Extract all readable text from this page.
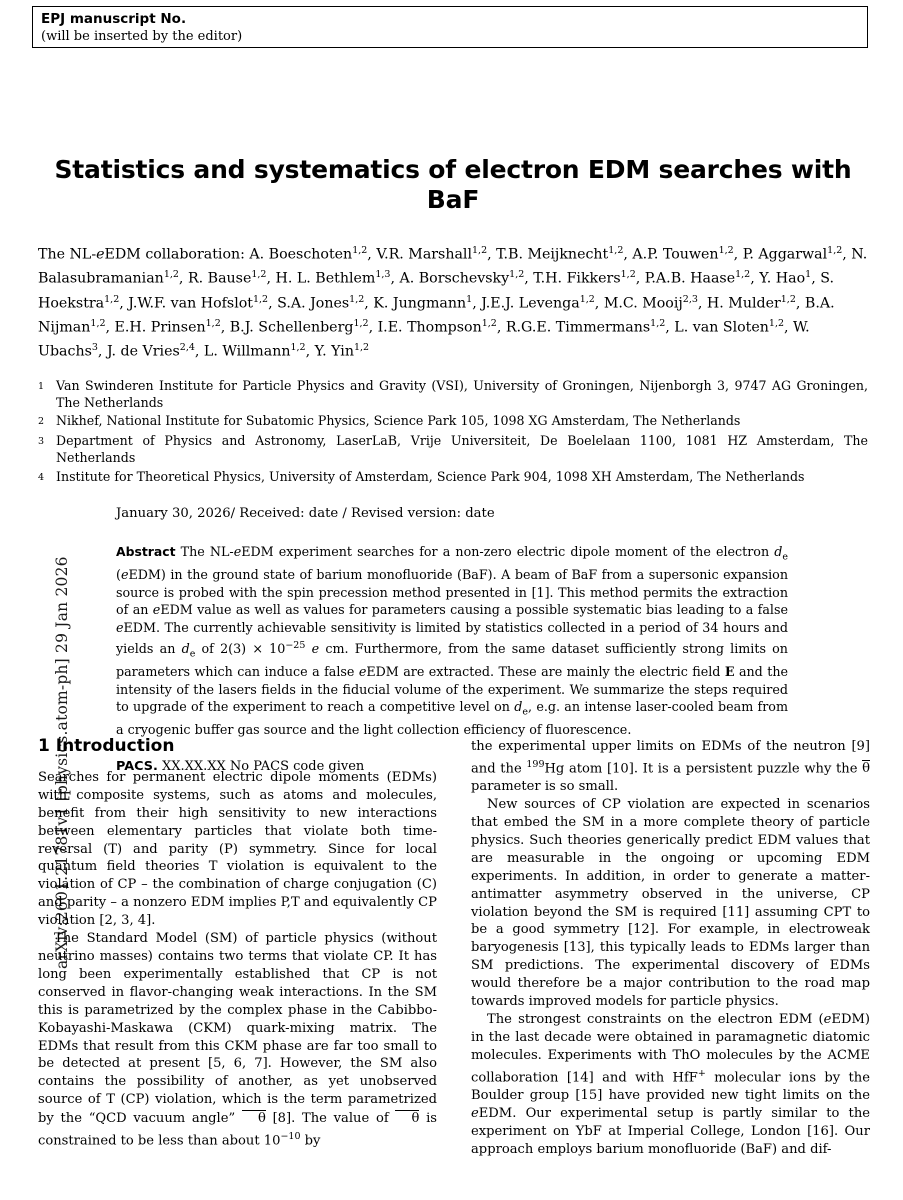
arXiv:2601.21781v1 [physics.atom-ph] 29 Jan 2026
EPJ manuscript No.
(will be inserted by the editor)
Statistics and systematics of electron EDM searches with BaF
The NL-eEDM collaboration: A. Boeschoten$^{1,2}$, V.R. Marshall$^{1,2}$, T.B. Meijknecht$^{1,2}$, A.P. Touwen$^{1,2}$, P. Aggarwal$^{1,2}$, N. Balasubramanian$^{1,2}$, R. Bause$^{1,2}$, H. L. Bethlem$^{1,3}$, A. Borschevsky$^{1,2}$, T.H. Fikkers$^{1,2}$, P.A.B. Haase$^{1,2}$, Y. Hao$^1$, S. Hoekstra$^{1,2}$, J.W.F. van Hofslot$^{1,2}$, S.A. Jones$^{1,2}$, K. Jungmann$^1$, J.E.J. Levenga$^{1,2}$, M.C. Mooij$^{2,3}$, H. Mulder$^{1,2}$, B.A. Nijman$^{1,2}$, E.H. Prinsen$^{1,2}$, B.J. Schellenberg$^{1,2}$, I.E. Thompson$^{1,2}$, R.G.E. Timmermans$^{1,2}$, L. van Sloten$^{1,2}$, W. Ubachs$^3$, J. de Vries$^{2,4}$, L. Willmann$^{1,2}$, Y. Yin$^{1,2}$
1 Van Swinderen Institute for Particle Physics and Gravity (VSI), University of Groningen, Nijenborgh 3, 9747 AG Groningen, The Netherlands
2 Nikhef, National Institute for Subatomic Physics, Science Park 105, 1098 XG Amsterdam, The Netherlands
3 Department of Physics and Astronomy, LaserLaB, Vrije Universiteit, De Boelelaan 1100, 1081 HZ Amsterdam, The Netherlands
4 Institute for Theoretical Physics, University of Amsterdam, Science Park 904, 1098 XH Amsterdam, The Netherlands
January 30, 2026/ Received: date / Revised version: date
Abstract The NL-eEDM experiment searches for a non-zero electric dipole moment of the electron $d_e$ (eEDM) in the ground state of barium monofluoride (BaF). A beam of BaF from a supersonic expansion source is probed with the spin precession method presented in [1]. This method permits the extraction of an eEDM value as well as values for parameters causing a possible systematic bias leading to a false eEDM. The currently achievable sensitivity is limited by statistics collected in a period of 34 hours and yields an $d_e$ of $2(3) \times 10^{-25}$ e cm. Furthermore, from the same dataset sufficiently strong limits on parameters which can induce a false eEDM are extracted. These are mainly the electric field E and the intensity of the lasers fields in the fiducial volume of the experiment. We summarize the steps required to upgrade of the experiment to reach a competitive level on $d_e$, e.g. an intense laser-cooled beam from a cryogenic buffer gas source and the light collection efficiency of fluorescence.
PACS. XX.XX.XX No PACS code given
1 Introduction

Searches for permanent electric dipole moments (EDMs) with composite systems, such as atoms and molecules, benefit from their high sensitivity to new interactions between elementary particles that violate both time-reversal (T) and parity (P) symmetry. Since for local quantum field theories T violation is equivalent to the violation of CP – the combination of charge conjugation (C) and parity – a nonzero EDM implies P,T and equivalently CP violation [2, 3, 4].

The Standard Model (SM) of particle physics (without neutrino masses) contains two terms that violate CP. It has long been experimentally established that CP is not conserved in flavor-changing weak interactions. In the SM this is parametrized by the complex phase in the Cabibbo-Kobayashi-Maskawa (CKM) quark-mixing matrix. The EDMs that result from this CKM phase are far too small to be detected at present [5, 6, 7]. However, the SM also contains the possibility of another, as yet unobserved source of T (CP) violation, which is the term parametrized by the “QCD vacuum angle” θ [8]. The value of θ is constrained to be less than about $10^{-10}$ by

the experimental upper limits on EDMs of the neutron [9] and the $^{199}$Hg atom [10]. It is a persistent puzzle why the θ parameter is so small.

New sources of CP violation are expected in scenarios that embed the SM in a more complete theory of particle physics. Such theories generically predict EDM values that are measurable in the ongoing or upcoming EDM experiments. In addition, in order to generate a matter-antimatter asymmetry observed in the universe, CP violation beyond the SM is required [11] assuming CPT to be a good symmetry [12]. For example, in electroweak baryogenesis [13], this typically leads to EDMs larger than SM predictions. The experimental discovery of EDMs would therefore be a major contribution to the road map towards improved models for particle physics.

The strongest constraints on the electron EDM (eEDM) in the last decade were obtained in paramagnetic diatomic molecules. Experiments with ThO molecules by the ACME collaboration [14] and with HfF+ molecular ions by the Boulder group [15] have provided new tight limits on the eEDM. Our experimental setup is partly similar to the experiment on YbF at Imperial College, London [16]. Our approach employs barium monofluoride (BaF) and dif-
